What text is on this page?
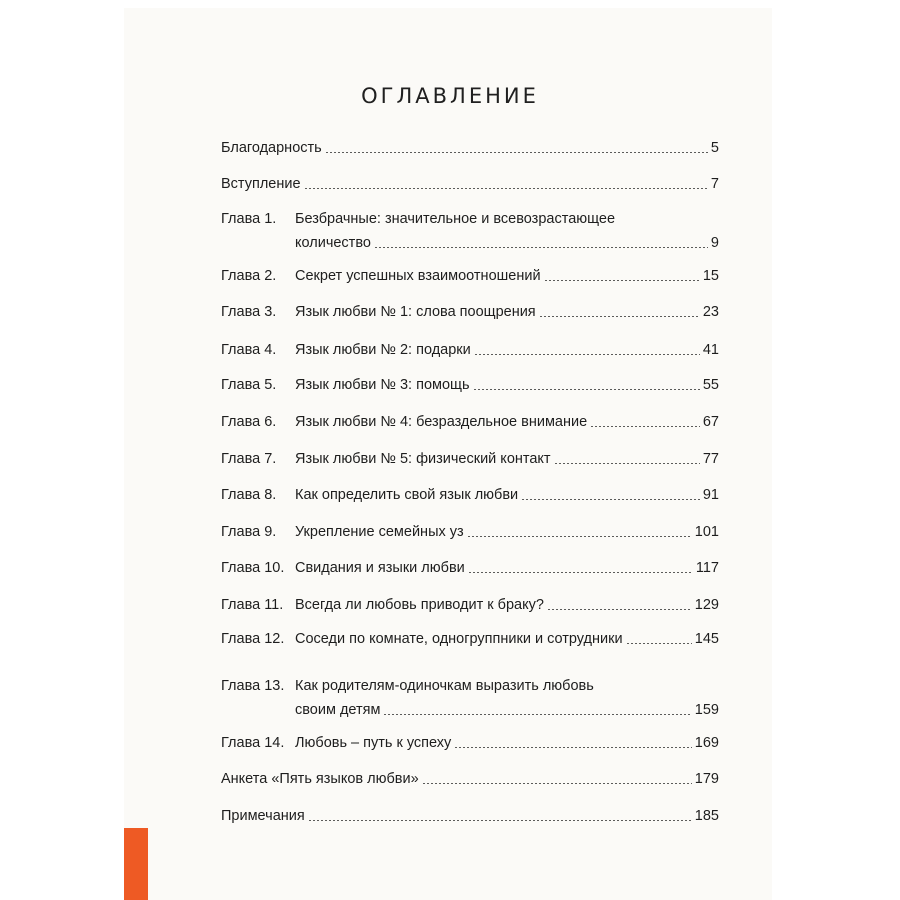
ОГЛАВЛЕНИЕ
Благодарность	5
Вступление	7
Глава 1.	Безбрачные: значительное и всевозрастающее
количество	9
Глава 2.	Секрет успешных взаимоотношений	15
Глава 3.	Язык любви № 1: слова поощрения	23
Глава 4.	Язык любви № 2: подарки	41
Глава 5.	Язык любви № 3: помощь	55
Глава 6.	Язык любви № 4: безраздельное внимание	67
Глава 7.	Язык любви № 5: физический контакт	77
Глава 8.	Как определить свой язык любви	91
Глава 9.	Укрепление семейных уз	101
Глава 10. Свидания и языки любви	117
Глава 11. Всегда ли любовь приводит к браку?	129
Глава 12. Соседи по комнате, одногруппники и сотрудники	145
Глава 13. Как родителям-одиночкам выразить любовь
своим детям	159
Глава 14. Любовь – путь к успеху	169
Анкета «Пять языков любви»	179
Примечания	185
